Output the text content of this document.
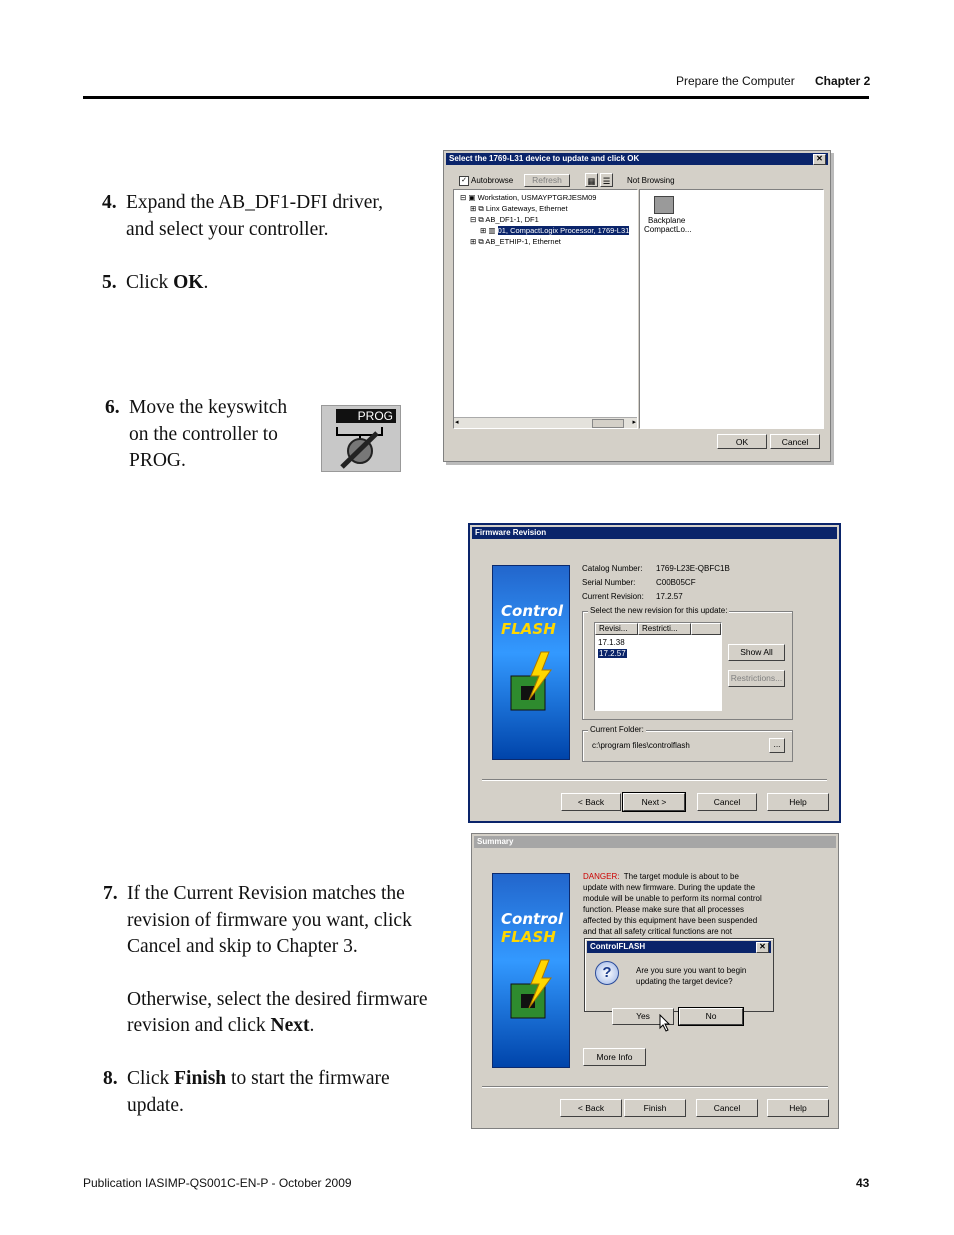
Prepare the Computer Chapter 2
4. Expand the AB_DF1-DFI driver,
and select your controller.
5. Click OK.
6. Move the keyswitch
on the controller to
PROG.
PROG
7. If the Current Revision matches the
revision of firmware you want, click
Cancel and skip to Chapter 3.

Otherwise, select the desired firmware
revision and click Next.
8. Click Finish to start the firmware
update.
Select the 1769-L31 device to update and click OK	✕
✓ Autobrowse	Refresh	▦ ☰	Not Browsing
⊟ ▣ Workstation, USMAYPTGRJESM09
⊞ ⧉ Linx Gateways, Ethernet
⊟ ⧉ AB_DF1-1, DF1
⊞ ▥ 01, CompactLogix Processor, 1769-L31
⊞ ⧉ AB_ETHIP-1, Ethernet
◂	▸
Backplane
CompactLo...
OK	Cancel
Firmware Revision
Control
FLASH
Catalog Number: 1769-L23E-QBFC1B
Serial Number:	C00B05CF
Current Revision: 17.2.57
Select the new revision for this update:
Revisi...	Restricti...
17.1.38
17.2.57	Show All
Restrictions...
Current Folder:
c:\program files\controlflash	...
< Back	Next >	Cancel	Help
Summary
Control
FLASH
DANGER: The target module is about to be
update with new firmware. During the update the
module will be unable to perform its normal control
function. Please make sure that all processes
affected by this equipment have been suspended
and that all safety critical functions are not
ControlFLASH	✕
?	Are you sure you want to begin
updating the target device?
Yes	No
More Info
< Back	Finish	Cancel	Help
Publication IASIMP-QS001C-EN-P - October 2009	43
